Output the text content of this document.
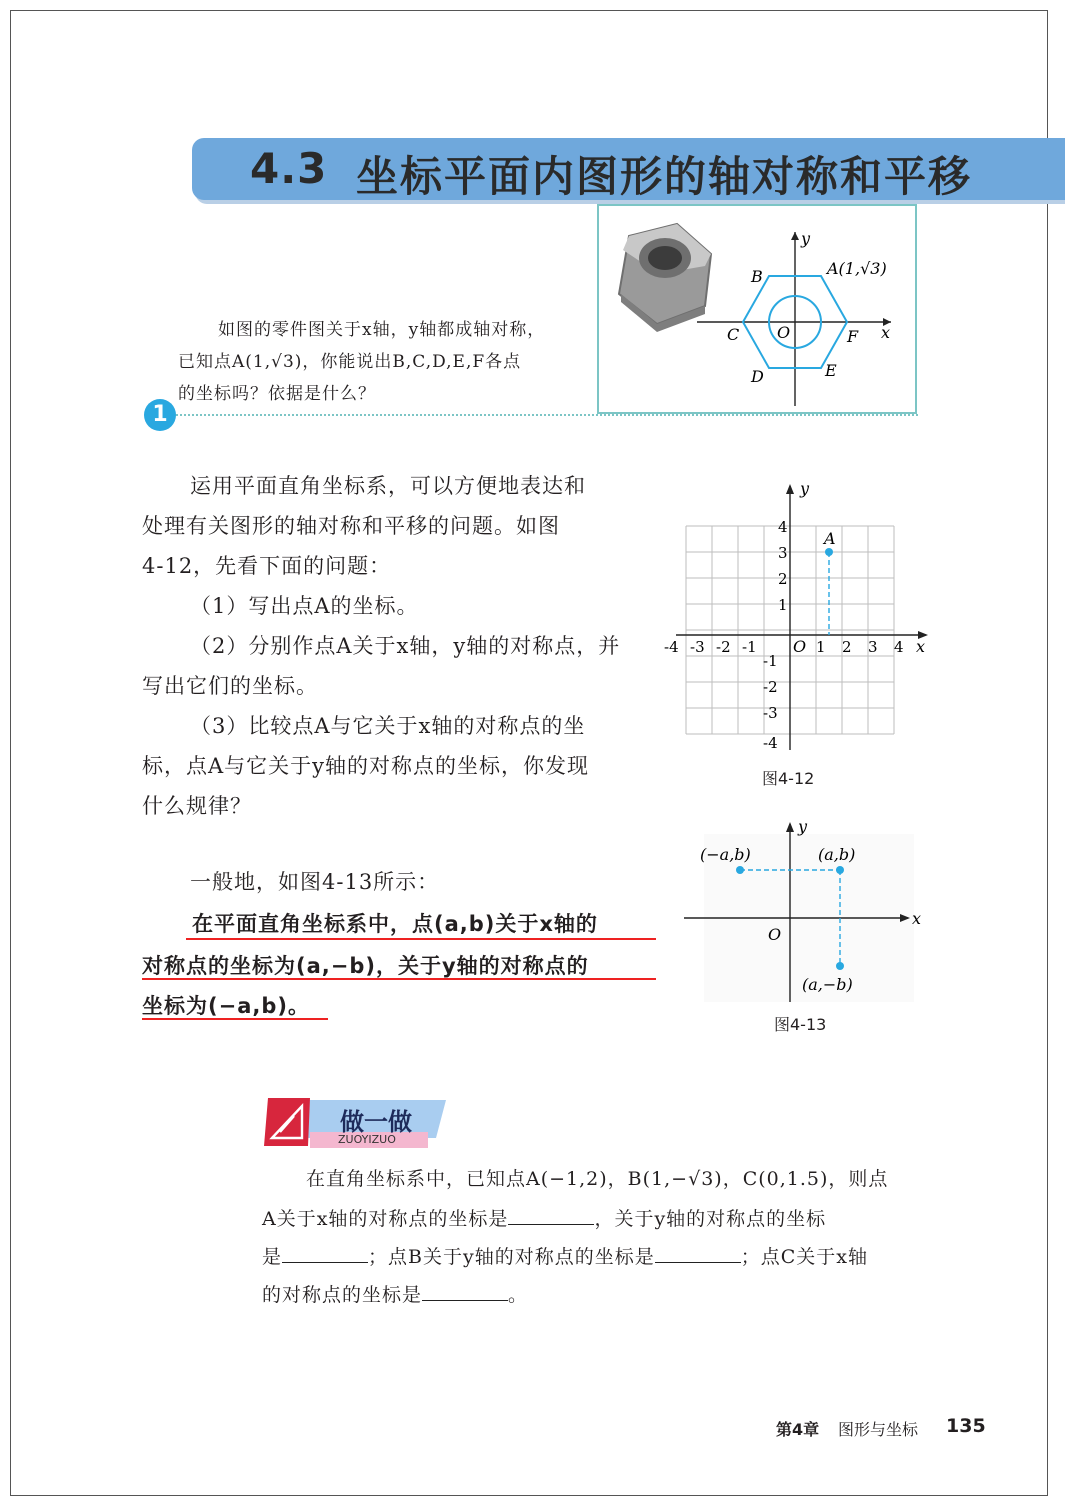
4.3 坐标平面内图形的轴对称和平移
y
x
O
A(1,√3)
B
C
D	E
F
如图的零件图关于x轴，y轴都成轴对称，
已知点A(1,√3)，你能说出B,C,D,E,F各点
的坐标吗？依据是什么？
1
运用平面直角坐标系，可以方便地表达和
处理有关图形的轴对称和平移的问题。如图
4-12，先看下面的问题：
（1）写出点A的坐标。
（2）分别作点A关于x轴，y轴的对称点，并
写出它们的坐标。
（3）比较点A与它关于x轴的对称点的坐
标，点A与它关于y轴的对称点的坐标，你发现
什么规律？
A
y
x
O
-4 -3 -2 -1	1 2 3 4
4
3
2
1
-1
-2
-3
-4
图4-12
一般地，如图4-13所示：
在平面直角坐标系中，点(a,b)关于x轴的
对称点的坐标为(a,−b)，关于y轴的对称点的
坐标为(−a,b)。
y
x
O
(−a,b)	(a,b)
(a,−b)
图4-13
做一做
ZUOYIZUO
在直角坐标系中，已知点A(−1,2)，B(1,−√3)，C(0,1.5)，则点
A关于x轴的对称点的坐标是	，关于y轴的对称点的坐标
是	；点B关于y轴的对称点的坐标是	；点C关于x轴
的对称点的坐标是	。
第4章 图形与坐标 135
